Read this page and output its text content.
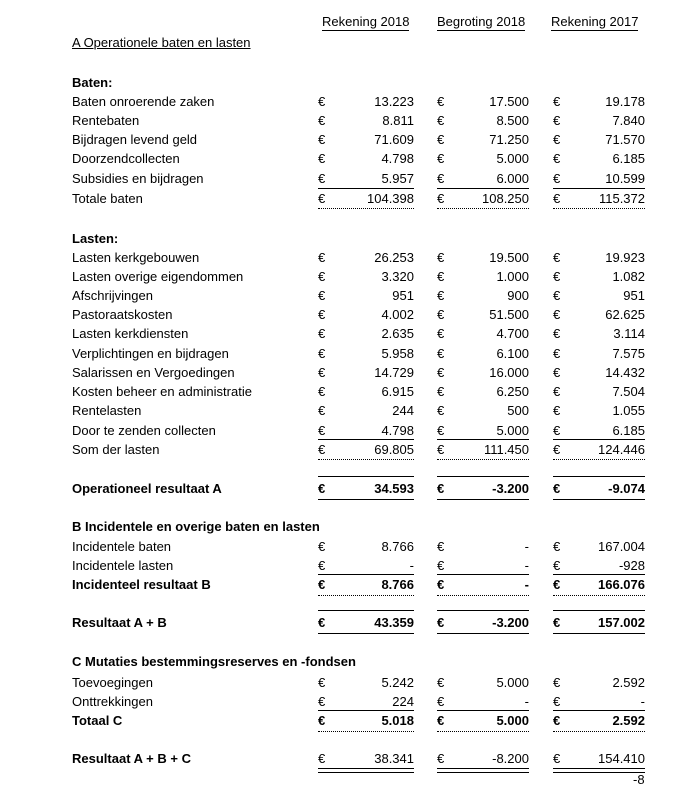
Rekening 2018 Begroting 2018 Rekening 2017
A Operationele baten en lasten
Baten:
Lasten:
B Incidentele en overige baten en lasten
C Mutaties bestemmingsreserves en -fondsen
-8
Baten onroerende zaken	€	13.223 €	17.500 €	19.178
Rentebaten	€	8.811 €	8.500 €	7.840
Bijdragen levend geld	€	71.609 €	71.250 €	71.570
Doorzendcollecten	€	4.798 €	5.000 €	6.185
Subsidies en bijdragen	€	5.957 €	6.000 €	10.599
Totale baten	€	104.398 €	108.250 €	115.372
Lasten kerkgebouwen	€	26.253 €	19.500 €	19.923
Lasten overige eigendommen	€	3.320 €	1.000 €	1.082
Afschrijvingen	€	951 €	900 €	951
Pastoraatskosten	€	4.002 €	51.500 €	62.625
Lasten kerkdiensten	€	2.635 €	4.700 €	3.114
Verplichtingen en bijdragen	€	5.958 €	6.100 €	7.575
Salarissen en Vergoedingen	€	14.729 €	16.000 €	14.432
Kosten beheer en administratie	€	6.915 €	6.250 €	7.504
Rentelasten	€	244 €	500 €	1.055
Door te zenden collecten	€	4.798 €	5.000 €	6.185
Som der lasten	€	69.805 €	111.450 €	124.446
Operationeel resultaat A	€	34.593 €	-3.200 €	-9.074
Incidentele baten	€	8.766 €	- €	167.004
Incidentele lasten	€	- €	- €	-928
Incidenteel resultaat B	€	8.766 €	- €	166.076
Resultaat A + B	€	43.359 €	-3.200 €	157.002
Toevoegingen	€	5.242 €	5.000 €	2.592
Onttrekkingen	€	224 €	- €	-
Totaal C	€	5.018 €	5.000 €	2.592
Resultaat A + B + C	€	38.341 €	-8.200 €	154.410
